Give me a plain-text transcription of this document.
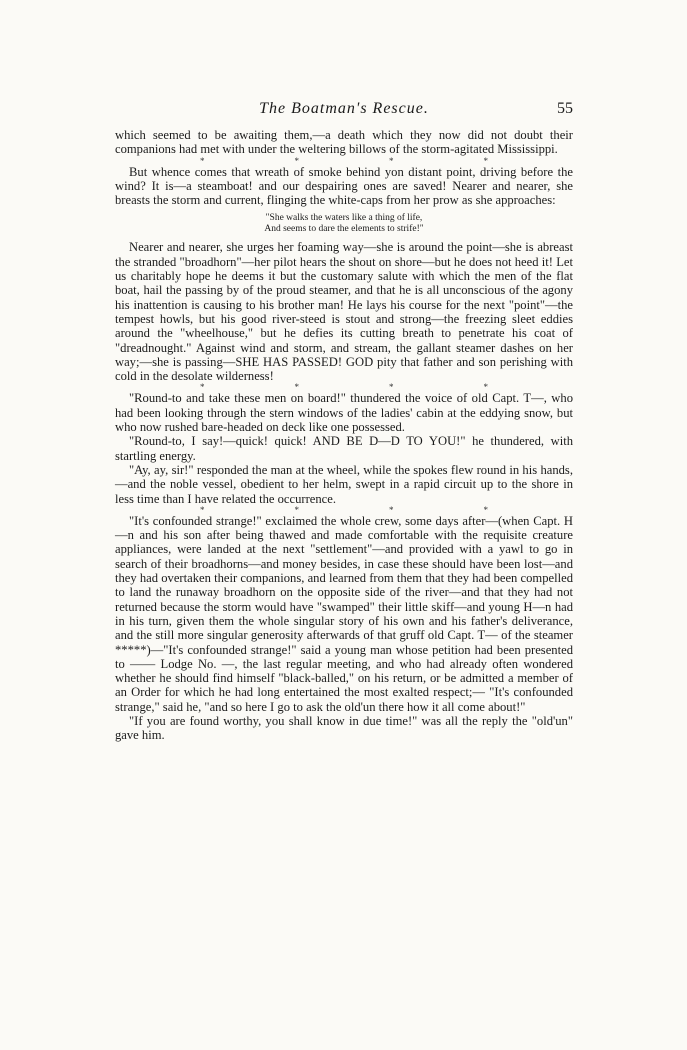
The Boatman's Rescue.	55

which seemed to be awaiting them,—a death which they now did not doubt their companions had met with under the weltering billows of the storm-agitated Mississippi.

*	*	*	*

But whence comes that wreath of smoke behind yon distant point, driving before the wind? It is—a steamboat! and our despairing ones are saved! Nearer and nearer, she breasts the storm and current, flinging the white-caps from her prow as she approaches:

"She walks the waters like a thing of life,
And seems to dare the elements to strife!"

Nearer and nearer, she urges her foaming way—she is around the point—she is abreast the stranded "broadhorn"—her pilot hears the shout on shore—but he does not heed it! Let us charitably hope he deems it but the customary salute with which the men of the flat boat, hail the passing by of the proud steamer, and that he is all unconscious of the agony his inattention is causing to his brother man! He lays his course for the next "point"—the tempest howls, but his good river-steed is stout and strong—the freezing sleet eddies around the "wheelhouse," but he defies its cutting breath to penetrate his coat of "dreadnought." Against wind and storm, and stream, the gallant steamer dashes on her way;—she is passing—SHE HAS PASSED! GOD pity that father and son perishing with cold in the desolate wilderness!

*	*	*	*

"Round-to and take these men on board!" thundered the voice of old Capt. T—, who had been looking through the stern windows of the ladies' cabin at the eddying snow, but who now rushed bare-headed on deck like one possessed.

"Round-to, I say!—quick! quick! AND BE D—D TO YOU!" he thundered, with startling energy.

"Ay, ay, sir!" responded the man at the wheel, while the spokes flew round in his hands,—and the noble vessel, obedient to her helm, swept in a rapid circuit up to the shore in less time than I have related the occurrence.

*	*	*	*

"It's confounded strange!" exclaimed the whole crew, some days after—(when Capt. H—n and his son after being thawed and made comfortable with the requisite creature appliances, were landed at the next "settlement"—and provided with a yawl to go in search of their broadhorns—and money besides, in case these should have been lost—and they had overtaken their companions, and learned from them that they had been compelled to land the runaway broadhorn on the opposite side of the river—and that they had not returned because the storm would have "swamped" their little skiff—and young H—n had in his turn, given them the whole singular story of his own and his father's deliverance, and the still more singular generosity afterwards of that gruff old Capt. T— of the steamer *****)—"It's confounded strange!" said a young man whose petition had been presented to —— Lodge No. —, the last regular meeting, and who had already often wondered whether he should find himself "black-balled," on his return, or be admitted a member of an Order for which he had long entertained the most exalted respect;— "It's confounded strange," said he, "and so here I go to ask the old'un there how it all come about!"

"If you are found worthy, you shall know in due time!" was all the reply the "old'un" gave him.
